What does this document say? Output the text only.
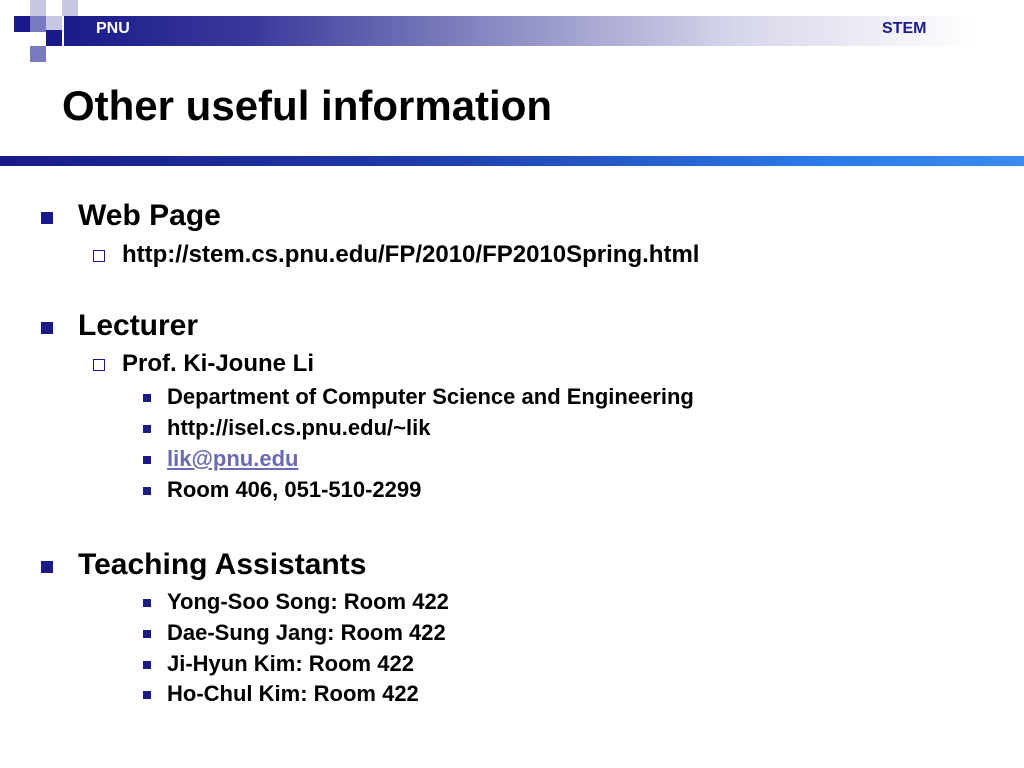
PNU	STEM
Other useful information
Web Page
http://stem.cs.pnu.edu/FP/2010/FP2010Spring.html
Lecturer
Prof. Ki-Joune Li
Department of Computer Science and Engineering
http://isel.cs.pnu.edu/~lik
lik@pnu.edu
Room 406, 051-510-2299
Teaching Assistants
Yong-Soo Song: Room 422
Dae-Sung Jang: Room 422
Ji-Hyun Kim: Room 422
Ho-Chul Kim: Room 422
